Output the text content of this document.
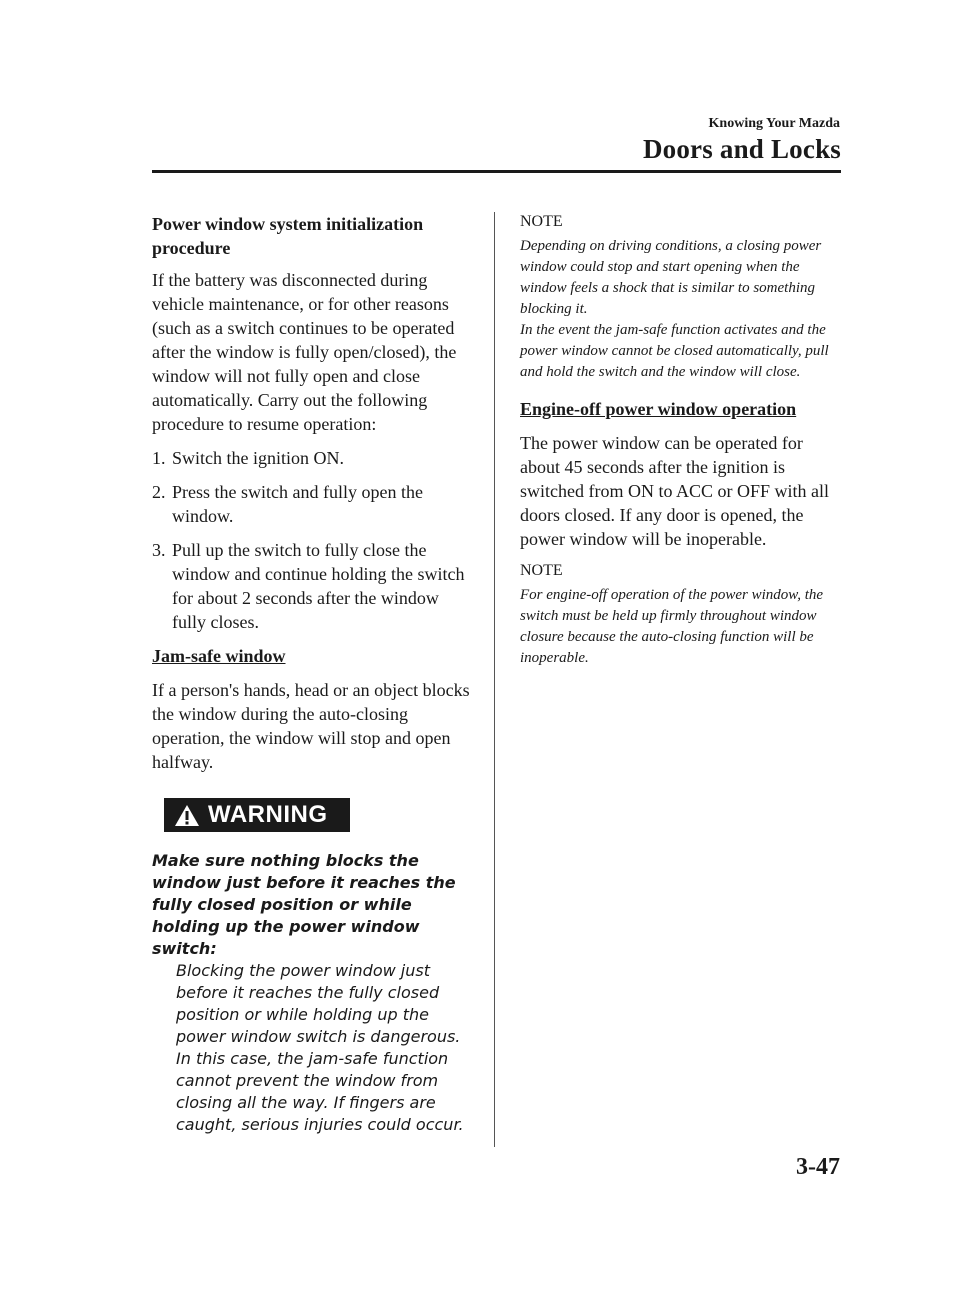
Knowing Your Mazda
Doors and Locks

Power window system initialization procedure

If the battery was disconnected during vehicle maintenance, or for other reasons (such as a switch continues to be operated after the window is fully open/closed), the window will not fully open and close automatically. Carry out the following procedure to resume operation:

1. Switch the ignition ON.
2. Press the switch and fully open the window.
3. Pull up the switch to fully close the window and continue holding the switch for about 2 seconds after the window fully closes.

Jam-safe window

If a person's hands, head or an object blocks the window during the auto-closing operation, the window will stop and open halfway.

WARNING

Make sure nothing blocks the window just before it reaches the fully closed position or while holding up the power window switch:

Blocking the power window just before it reaches the fully closed position or while holding up the power window switch is dangerous. In this case, the jam-safe function cannot prevent the window from closing all the way. If fingers are caught, serious injuries could occur.

NOTE

Depending on driving conditions, a closing power window could stop and start opening when the window feels a shock that is similar to something blocking it.

In the event the jam-safe function activates and the power window cannot be closed automatically, pull and hold the switch and the window will close.

Engine-off power window operation

The power window can be operated for about 45 seconds after the ignition is switched from ON to ACC or OFF with all doors closed. If any door is opened, the power window will be inoperable.

NOTE

For engine-off operation of the power window, the switch must be held up firmly throughout window closure because the auto-closing function will be inoperable.

3-47
